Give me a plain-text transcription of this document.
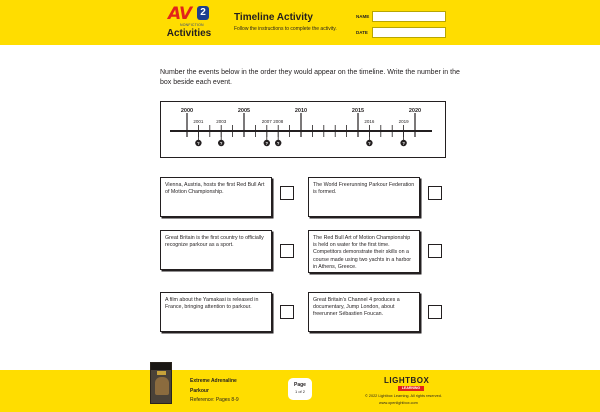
AV 2
NONFICTION
Activities
Timeline Activity
Follow the instructions to complete the activity.
NAME
DATE
Number the events below in the order they would appear on the timeline. Write the number in the box beside each event.
2000	2005	2010	2015	2020
2001	2003	2007 2008	2016	2019
?	?	? ?	?	?
Vienna, Austria, hosts the first Red Bull Art of Motion Championship.
The World Freerunning Parkour Federation is formed.
Great Britain is the first country to officially recognize parkour as a sport.
The Red Bull Art of Motion Championship is held on water for the first time. Competitors demonstrate their skills on a course made using two yachts in a harbor in Athens, Greece.
A film about the Yamakasi is released in France, bringing attention to parkour.
Great Britain's Channel 4 produces a documentary, Jump London, about freerunner Sébastien Foucan.
Extreme Adrenaline
Parkour
Reference: Pages 8-9
Page
1 of 2
LIGHTBOX
LEARNING
© 2022 Lightbox Learning. All rights reserved.
www.openlightbox.com
